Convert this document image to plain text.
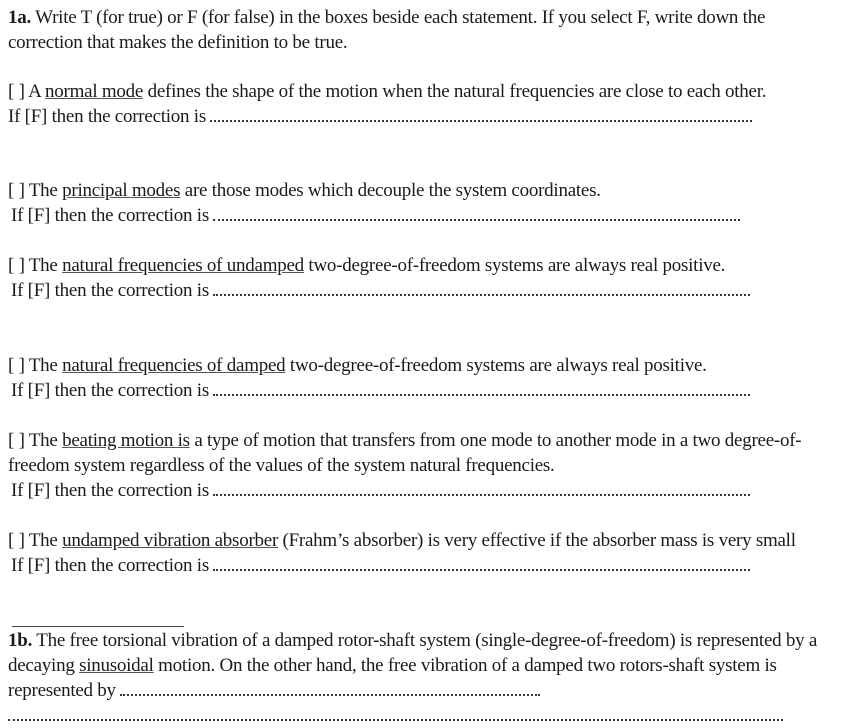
1a. Write T (for true) or F (for false) in the boxes beside each statement. If you select F, write down the correction that makes the definition to be true.
[ ] A normal mode defines the shape of the motion when the natural frequencies are close to each other.
If [F] then the correction is
[ ] The principal modes are those modes which decouple the system coordinates.
If [F] then the correction is
[ ] The natural frequencies of undamped two-degree-of-freedom systems are always real positive.
If [F] then the correction is
[ ] The natural frequencies of damped two-degree-of-freedom systems are always real positive.
If [F] then the correction is
[ ] The beating motion is a type of motion that transfers from one mode to another mode in a two degree-of-freedom system regardless of the values of the system natural frequencies.
If [F] then the correction is
[ ] The undamped vibration absorber (Frahm’s absorber) is very effective if the absorber mass is very small
If [F] then the correction is
1b. The free torsional vibration of a damped rotor-shaft system (single-degree-of-freedom) is represented by a decaying sinusoidal motion. On the other hand, the free vibration of a damped two rotors-shaft system is represented by
